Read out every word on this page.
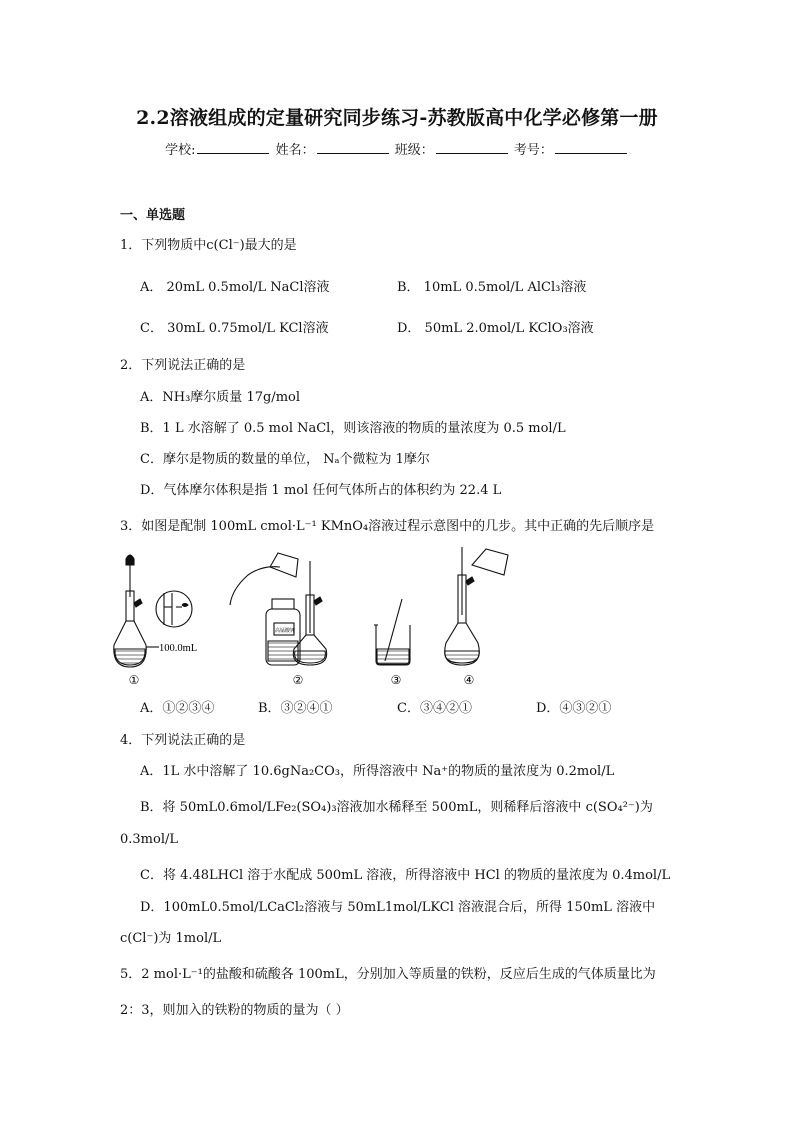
2.2溶液组成的定量研究同步练习-苏教版高中化学必修第一册
学校:	姓名：	班级：	考号：
一、单选题
1．下列物质中c(Cl⁻)最大的是
A． 20mL 0.5mol/L NaCl溶液	B． 10mL 0.5mol/L AlCl₃溶液
C． 30mL 0.75mol/L KCl溶液	D． 50mL 2.0mol/L KClO₃溶液
2．下列说法正确的是
A．NH₃摩尔质量 17g/mol
B．1 L 水溶解了 0.5 mol NaCl，则该溶液的物质的量浓度为 0.5 mol/L
C．摩尔是物质的数量的单位， Nₐ个微粒为 1摩尔
D．气体摩尔体积是指 1 mol 任何气体所占的体积约为 22.4 L
3．如图是配制 100mL cmol·L⁻¹ KMnO₄溶液过程示意图中的几步。其中正确的先后顺序是
100.0mL
高锰酸钾
①	②	③	④
A．①②③④	B．③②④①	C．③④②①	D．④③②①
4．下列说法正确的是
A．1L 水中溶解了 10.6gNa₂CO₃，所得溶液中 Na⁺的物质的量浓度为 0.2mol/L
B．将 50mL0.6mol/LFe₂(SO₄)₃溶液加水稀释至 500mL，则稀释后溶液中 c(SO₄²⁻)为
0.3mol/L
C．将 4.48LHCl 溶于水配成 500mL 溶液，所得溶液中 HCl 的物质的量浓度为 0.4mol/L
D．100mL0.5mol/LCaCl₂溶液与 50mL1mol/LKCl 溶液混合后，所得 150mL 溶液中
c(Cl⁻)为 1mol/L
5．2 mol·L⁻¹的盐酸和硫酸各 100mL，分别加入等质量的铁粉，反应后生成的气体质量比为
2：3，则加入的铁粉的物质的量为（ ）
